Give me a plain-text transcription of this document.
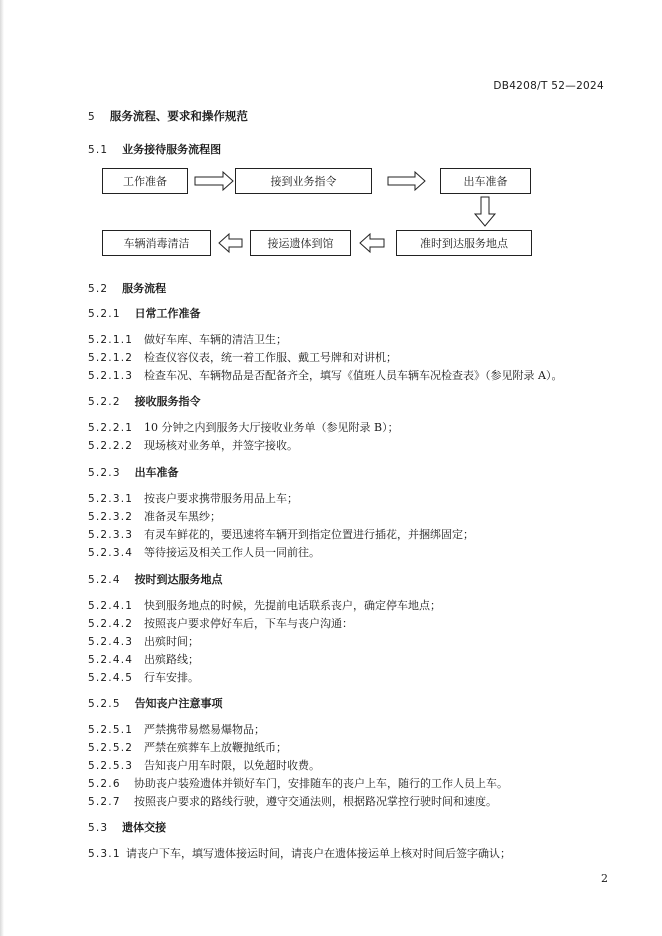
DB4208/T 52—2024
5 服务流程、要求和操作规范
5.1 业务接待服务流程图
工作准备	接到业务指令	出车准备
车辆消毒清洁	接运遗体到馆	准时到达服务地点
5.2 服务流程
5.2.1 日常工作准备
5.2.1.1 做好车库、车辆的清洁卫生；
5.2.1.2 检查仪容仪表，统一着工作服、戴工号牌和对讲机；
5.2.1.3 检查车况、车辆物品是否配备齐全，填写《值班人员车辆车况检查表》（参见附录 A）。
5.2.2 接收服务指令
5.2.2.1 10 分钟之内到服务大厅接收业务单（参见附录 B）；
5.2.2.2 现场核对业务单，并签字接收。
5.2.3 出车准备
5.2.3.1 按丧户要求携带服务用品上车；
5.2.3.2 准备灵车黑纱；
5.2.3.3 有灵车鲜花的，要迅速将车辆开到指定位置进行插花，并捆绑固定；
5.2.3.4 等待接运及相关工作人员一同前往。
5.2.4 按时到达服务地点
5.2.4.1 快到服务地点的时候，先提前电话联系丧户，确定停车地点；
5.2.4.2 按照丧户要求停好车后，下车与丧户沟通：
5.2.4.3 出殡时间；
5.2.4.4 出殡路线；
5.2.4.5 行车安排。
5.2.5 告知丧户注意事项
5.2.5.1 严禁携带易燃易爆物品；
5.2.5.2 严禁在殡葬车上放鞭抛纸币；
5.2.5.3 告知丧户用车时限，以免超时收费。
5.2.6 协助丧户装殓遗体并锁好车门，安排随车的丧户上车，随行的工作人员上车。
5.2.7 按照丧户要求的路线行驶，遵守交通法则，根据路况掌控行驶时间和速度。
5.3 遗体交接
5.3.1 请丧户下车，填写遗体接运时间，请丧户在遗体接运单上核对时间后签字确认；
2
